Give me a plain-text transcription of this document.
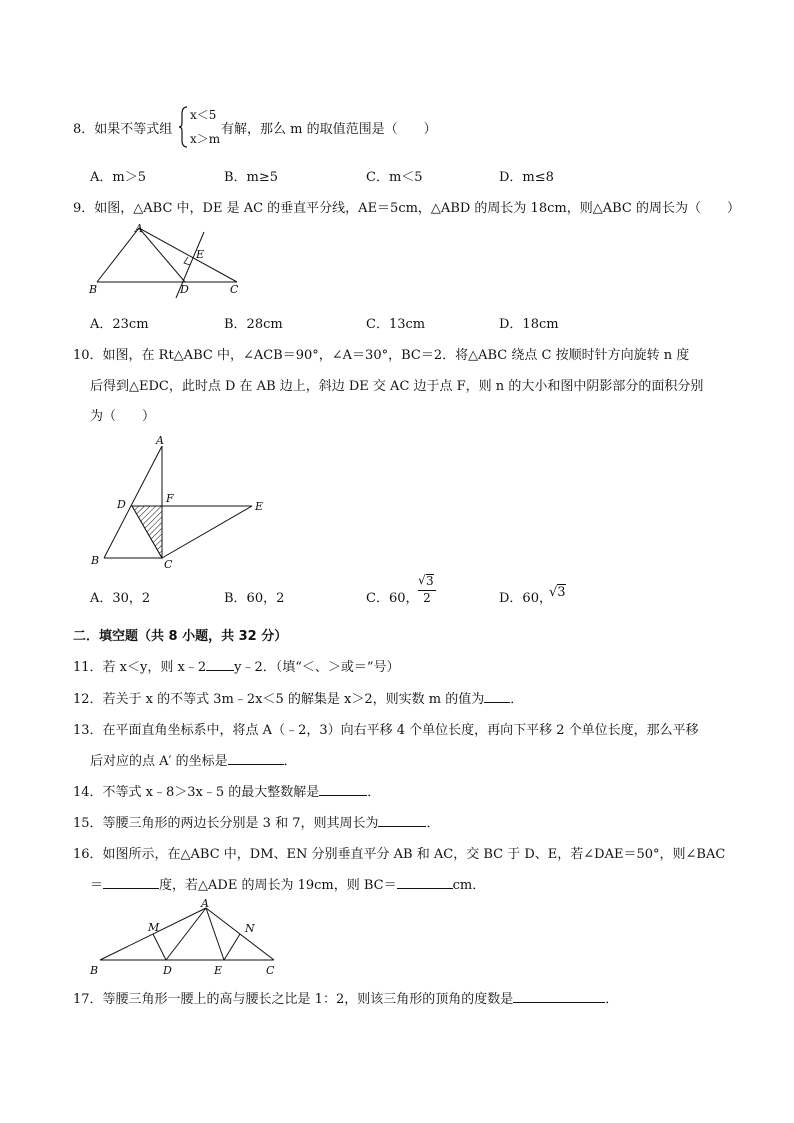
8．如果不等式组
x＜5
x＞m
有解，那么 m 的取值范围是（　　）
A．m＞5	B．m≥5	C．m＜5	D．m≤8
9．如图，△ABC 中，DE 是 AC 的垂直平分线，AE＝5cm，△ABD 的周长为 18cm，则△ABC 的周长为（　　）
A
E
B	D	C
A．23cm	B．28cm	C．13cm	D．18cm
10．如图，在 Rt△ABC 中，∠ACB＝90°，∠A＝30°，BC＝2．将△ABC 绕点 C 按顺时针方向旋转 n 度
后得到△EDC，此时点 D 在 AB 边上，斜边 DE 交 AC 边于点 F，则 n 的大小和图中阴影部分的面积分别
为（　　）
A
D	F
E
B	C
A．30，2	B．60，2	C．60，
√ 3
2	D．60，
√3
二．填空题（共 8 小题，共 32 分）
11．若 x＜y，则 x﹣2 y﹣2．（填“＜、＞或＝”号）
12．若关于 x 的不等式 3m﹣2x＜5 的解集是 x＞2，则实数 m 的值为 ．
13．在平面直角坐标系中，将点 A（﹣2，3）向右平移 4 个单位长度，再向下平移 2 个单位长度，那么平移
后对应的点 A′ 的坐标是	．
14．不等式 x﹣8＞3x﹣5 的最大整数解是	．
15．等腰三角形的两边长分别是 3 和 7，则其周长为	．
16．如图所示，在△ABC 中，DM、EN 分别垂直平分 AB 和 AC，交 BC 于 D、E，若∠DAE＝50°，则∠BAC
＝	度，若△ADE 的周长为 19cm，则 BC＝	cm．
A
M	N
B	D	E	C
17．等腰三角形一腰上的高与腰长之比是 1：2，则该三角形的顶角的度数是	．
